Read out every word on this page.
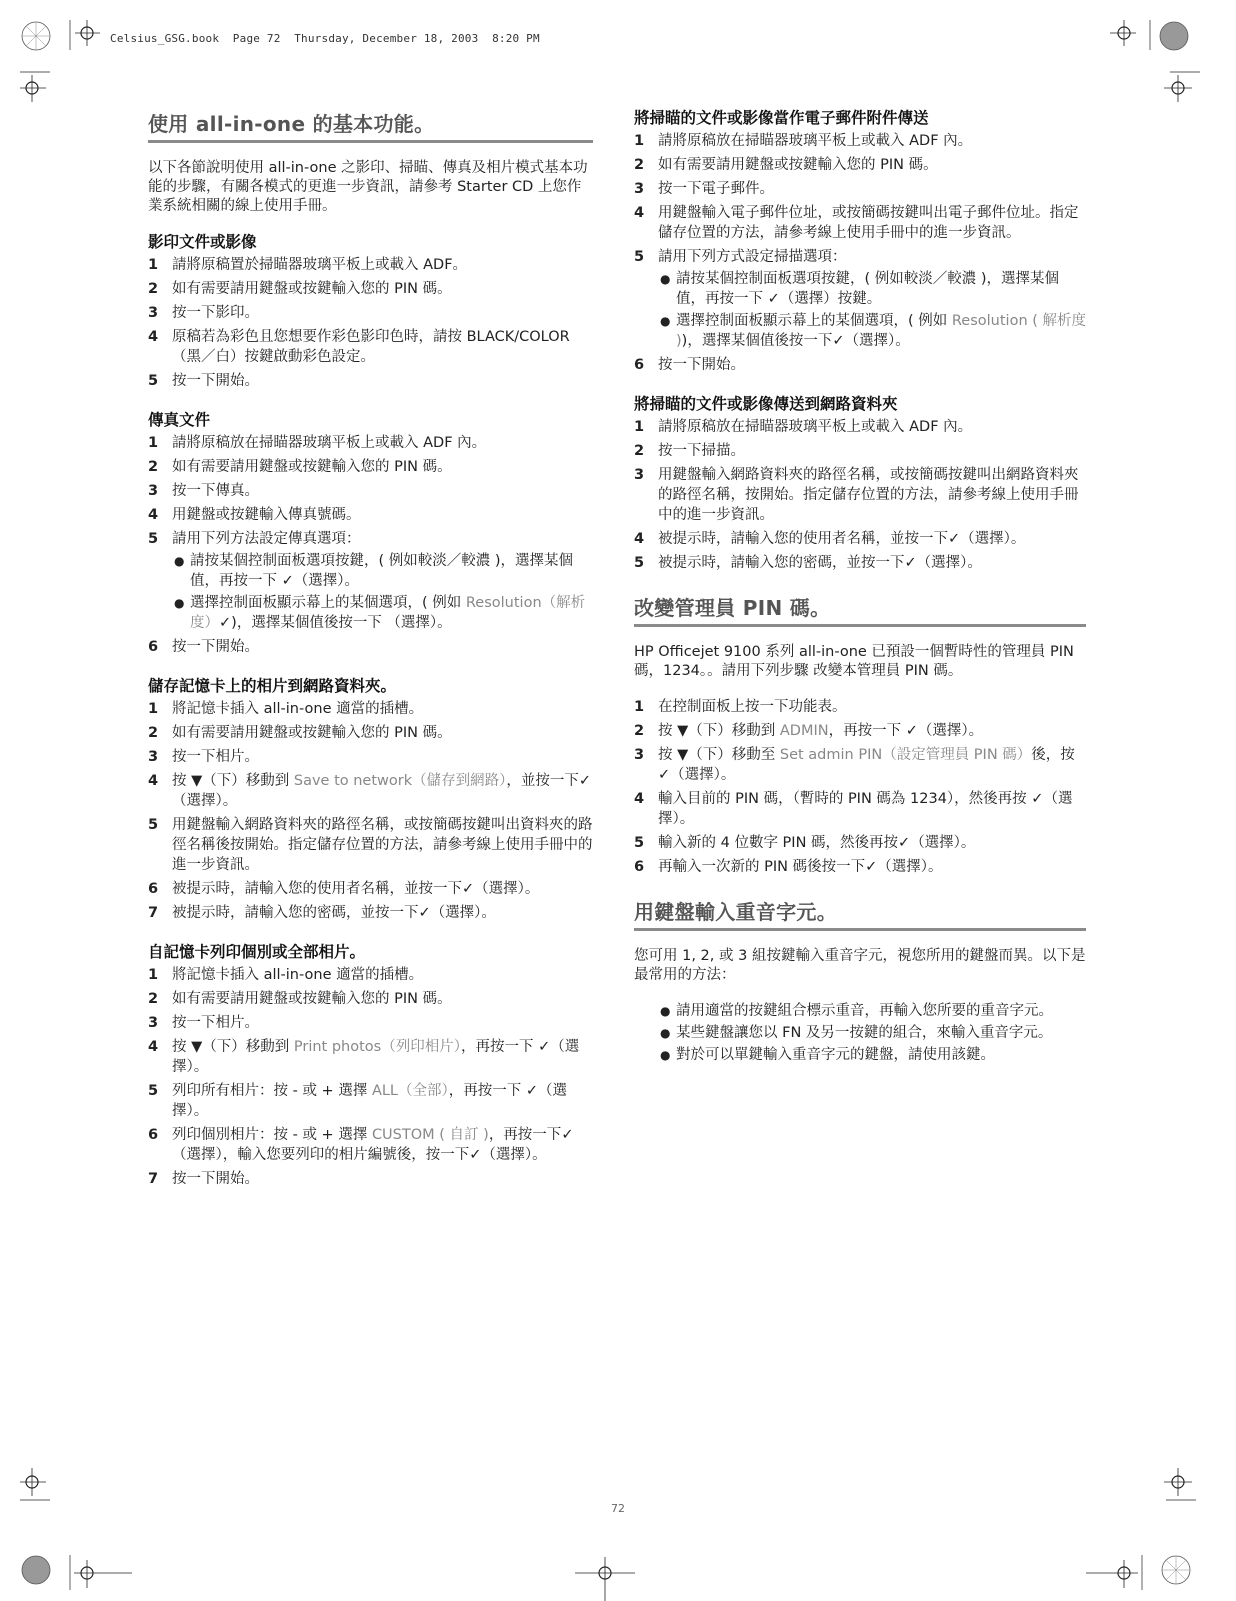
Celsius_GSG.book  Page 72  Thursday, December 18, 2003  8:20 PM
使用 all-in-one 的基本功能。
以下各節說明使用 all-in-one 之影印、掃瞄、傳真及相片模式基本功能的步驟，有關各模式的更進一步資訊，請參考 Starter CD 上您作業系統相關的線上使用手冊。
影印文件或影像
1 請將原稿置於掃瞄器玻璃平板上或載入 ADF。
2 如有需要請用鍵盤或按鍵輸入您的 PIN 碼。
3 按一下影印。
4 原稿若為彩色且您想要作彩色影印色時，請按 BLACK/COLOR（黑／白）按鍵啟動彩色設定。
5 按一下開始。
傳真文件
1 請將原稿放在掃瞄器玻璃平板上或載入 ADF 內。
2 如有需要請用鍵盤或按鍵輸入您的 PIN 碼。
3 按一下傳真。
4 用鍵盤或按鍵輸入傳真號碼。
5 請用下列方法設定傳真選項：
● 請按某個控制面板選項按鍵，( 例如較淡／較濃 )，選擇某個值，再按一下 ✓（選擇）。
● 選擇控制面板顯示幕上的某個選項，( 例如 Resolution（解析度）✓)，選擇某個值後按一下 （選擇）。
6 按一下開始。
儲存記憶卡上的相片到網路資料夾。
1 將記憶卡插入 all-in-one 適當的插槽。
2 如有需要請用鍵盤或按鍵輸入您的 PIN 碼。
3 按一下相片。
4 按 ▼（下）移動到 Save to network（儲存到網路），並按一下✓（選擇）。
5 用鍵盤輸入網路資料夾的路徑名稱，或按簡碼按鍵叫出資料夾的路徑名稱後按開始。指定儲存位置的方法，請參考線上使用手冊中的進一步資訊。
6 被提示時，請輸入您的使用者名稱，並按一下✓（選擇）。
7 被提示時，請輸入您的密碼，並按一下✓（選擇）。
自記憶卡列印個別或全部相片。
1 將記憶卡插入 all-in-one 適當的插槽。
2 如有需要請用鍵盤或按鍵輸入您的 PIN 碼。
3 按一下相片。
4 按 ▼（下）移動到 Print photos（列印相片），再按一下 ✓（選擇）。
5 列印所有相片：按 - 或 + 選擇 ALL（全部），再按一下 ✓（選擇）。
6 列印個別相片：按 - 或 + 選擇 CUSTOM ( 自訂 )，再按一下✓（選擇），輸入您要列印的相片編號後，按一下✓（選擇）。
7 按一下開始。
將掃瞄的文件或影像當作電子郵件附件傳送
1 請將原稿放在掃瞄器玻璃平板上或載入 ADF 內。
2 如有需要請用鍵盤或按鍵輸入您的 PIN 碼。
3 按一下電子郵件。
4 用鍵盤輸入電子郵件位址，或按簡碼按鍵叫出電子郵件位址。指定儲存位置的方法，請參考線上使用手冊中的進一步資訊。
5 請用下列方式設定掃描選項：
● 請按某個控制面板選項按鍵，( 例如較淡／較濃 )，選擇某個值，再按一下 ✓（選擇）按鍵。
● 選擇控制面板顯示幕上的某個選項，( 例如 Resolution ( 解析度 ))，選擇某個值後按一下✓（選擇）。
6 按一下開始。
將掃瞄的文件或影像傳送到網路資料夾
1 請將原稿放在掃瞄器玻璃平板上或載入 ADF 內。
2 按一下掃描。
3 用鍵盤輸入網路資料夾的路徑名稱，或按簡碼按鍵叫出網路資料夾的路徑名稱，按開始。指定儲存位置的方法，請參考線上使用手冊中的進一步資訊。
4 被提示時，請輸入您的使用者名稱，並按一下✓（選擇）。
5 被提示時，請輸入您的密碼，並按一下✓（選擇）。
改變管理員 PIN 碼。
HP Officejet 9100 系列 all-in-one 已預設一個暫時性的管理員 PIN 碼，1234。。請用下列步驟 改變本管理員 PIN 碼。
1 在控制面板上按一下功能表。
2 按 ▼（下）移動到 ADMIN，再按一下 ✓（選擇）。
3 按 ▼（下）移動至 Set admin PIN（設定管理員 PIN 碼）後，按 ✓（選擇）。
4 輸入目前的 PIN 碼，（暫時的 PIN 碼為 1234），然後再按 ✓（選擇）。
5 輸入新的 4 位數字 PIN 碼，然後再按✓（選擇）。
6 再輸入一次新的 PIN 碼後按一下✓（選擇）。
用鍵盤輸入重音字元。
您可用 1, 2, 或 3 組按鍵輸入重音字元，視您所用的鍵盤而異。以下是最常用的方法：
● 請用適當的按鍵組合標示重音，再輸入您所要的重音字元。
● 某些鍵盤讓您以 FN 及另一按鍵的組合，來輸入重音字元。
● 對於可以單鍵輸入重音字元的鍵盤，請使用該鍵。
72
